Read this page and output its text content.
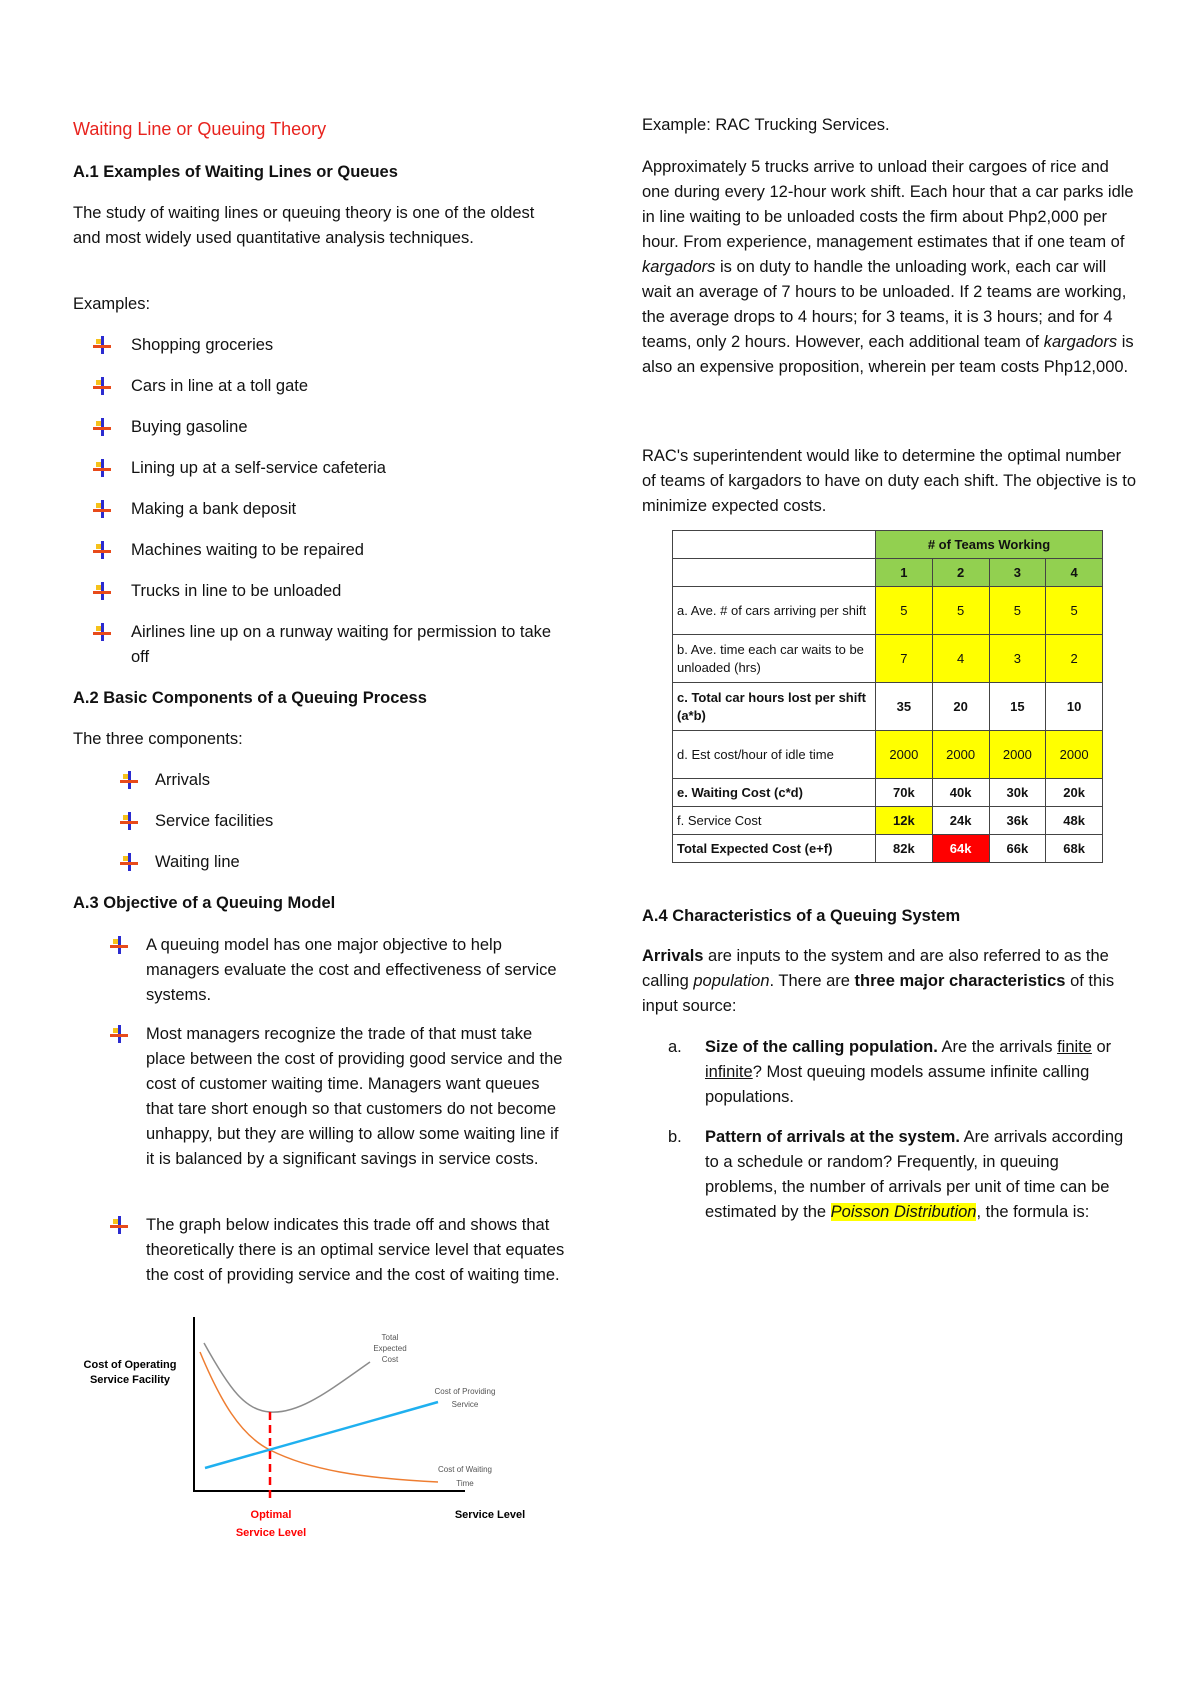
Waiting Line or Queuing Theory

A.1 Examples of Waiting Lines or Queues

The study of waiting lines or queuing theory is one of the oldest and most widely used quantitative analysis techniques.

Examples:

Shopping groceries
Cars in line at a toll gate
Buying gasoline
Lining up at a self-service cafeteria
Making a bank deposit
Machines waiting to be repaired
Trucks in line to be unloaded
Airlines line up on a runway waiting for permission to take off

A.2 Basic Components of a Queuing Process

The three components:

Arrivals
Service facilities
Waiting line

A.3 Objective of a Queuing Model

A queuing model has one major objective to help managers evaluate the cost and effectiveness of service systems.
Most managers recognize the trade of that must take place between the cost of providing good service and the cost of customer waiting time. Managers want queues that tare short enough so that customers do not become unhappy, but they are willing to allow some waiting line if it is balanced by a significant savings in service costs.
The graph below indicates this trade off and shows that theoretically there is an optimal service level that equates the cost of providing service and the cost of waiting time.
Cost of Operating
Service Facility
Total
Expected
Cost
Cost of Providing
Service
Cost of Waiting
Time
Optimal
Service Level
Service Level

Example: RAC Trucking Services.

Approximately 5 trucks arrive to unload their cargoes of rice and one during every 12-hour work shift. Each hour that a car parks idle in line waiting to be unloaded costs the firm about Php2,000 per hour. From experience, management estimates that if one team of kargadors is on duty to handle the unloading work, each car will wait an average of 7 hours to be unloaded. If 2 teams are working, the average drops to 4 hours; for 3 teams, it is 3 hours; and for 4 teams, only 2 hours. However, each additional team of kargadors is also an expensive proposition, wherein per team costs Php12,000.

RAC's superintendent would like to determine the optimal number of teams of kargadors to have on duty each shift. The objective is to minimize expected costs.

	# of Teams Working			
	1	2	3	4
a. Ave. # of cars arriving per shift	5	5	5	5
b. Ave. time each car waits to be unloaded (hrs)	7	4	3	2
c. Total car hours lost per shift (a*b)	35	20	15	10
d. Est cost/hour of idle time	2000	2000	2000	2000
e. Waiting Cost (c*d)	70k	40k	30k	20k
f. Service Cost	12k	24k	36k	48k
Total Expected Cost (e+f)	82k	64k	66k	68k

A.4 Characteristics of a Queuing System

Arrivals are inputs to the system and are also referred to as the calling population. There are three major characteristics of this input source:

a. Size of the calling population. Are the arrivals finite or infinite? Most queuing models assume infinite calling populations.

b. Pattern of arrivals at the system. Are arrivals according to a schedule or random? Frequently, in queuing problems, the number of arrivals per unit of time can be estimated by the Poisson Distribution, the formula is:
